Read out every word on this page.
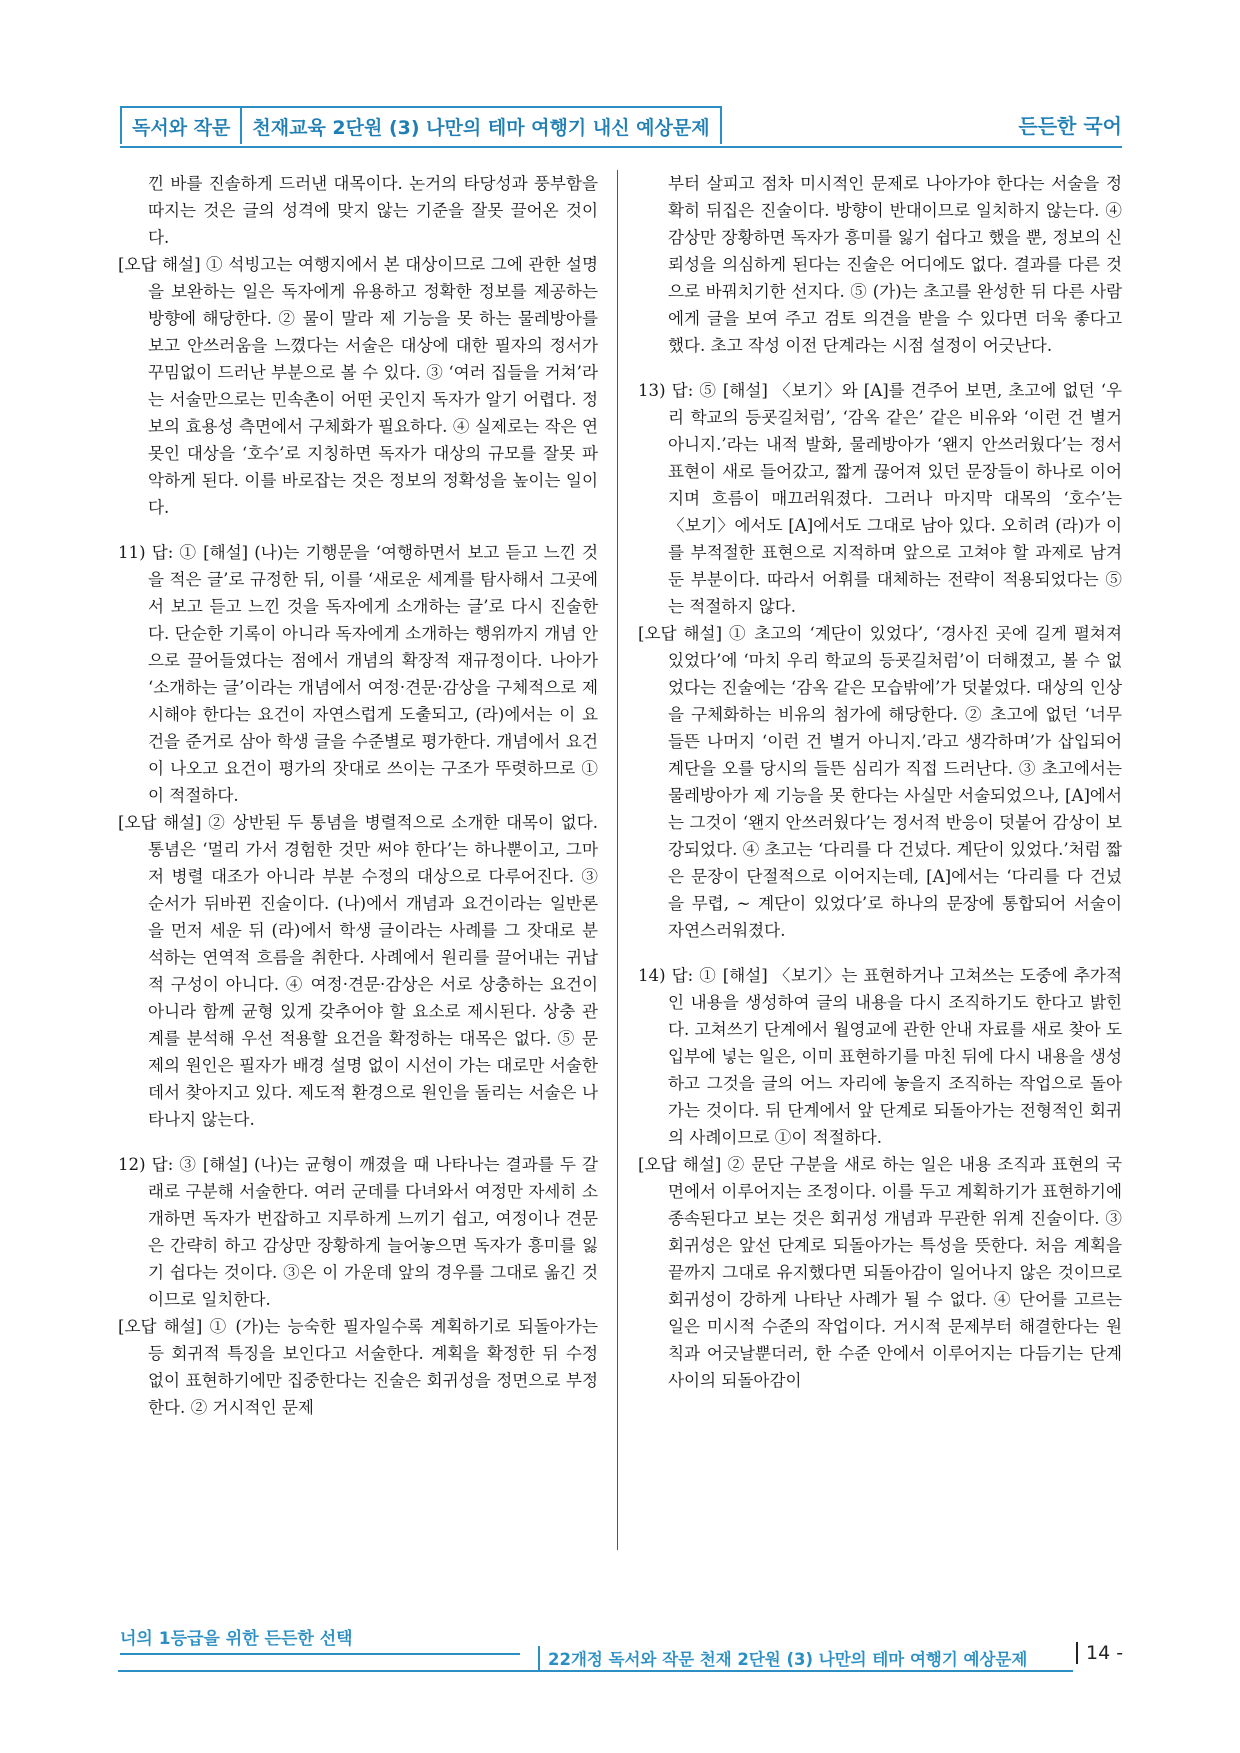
독서와 작문	천재교육 2단원 (3) 나만의 테마 여행기 내신 예상문제	든든한 국어

낀 바를 진솔하게 드러낸 대목이다. 논거의 타당성과 풍부함을 따지는 것은 글의 성격에 맞지 않는 기준을 잘못 끌어온 것이다.

[오답 해설] ① 석빙고는 여행지에서 본 대상이므로 그에 관한 설명을 보완하는 일은 독자에게 유용하고 정확한 정보를 제공하는 방향에 해당한다. ② 물이 말라 제 기능을 못 하는 물레방아를 보고 안쓰러움을 느꼈다는 서술은 대상에 대한 필자의 정서가 꾸밈없이 드러난 부분으로 볼 수 있다. ③ ‘여러 집들을 거쳐’라는 서술만으로는 민속촌이 어떤 곳인지 독자가 알기 어렵다. 정보의 효용성 측면에서 구체화가 필요하다. ④ 실제로는 작은 연못인 대상을 ‘호수’로 지칭하면 독자가 대상의 규모를 잘못 파악하게 된다. 이를 바로잡는 것은 정보의 정확성을 높이는 일이다.

11) 답: ① [해설] (나)는 기행문을 ‘여행하면서 보고 듣고 느낀 것을 적은 글’로 규정한 뒤, 이를 ‘새로운 세계를 탐사해서 그곳에서 보고 듣고 느낀 것을 독자에게 소개하는 글’로 다시 진술한다. 단순한 기록이 아니라 독자에게 소개하는 행위까지 개념 안으로 끌어들였다는 점에서 개념의 확장적 재규정이다. 나아가 ‘소개하는 글’이라는 개념에서 여정·견문·감상을 구체적으로 제시해야 한다는 요건이 자연스럽게 도출되고, (라)에서는 이 요건을 준거로 삼아 학생 글을 수준별로 평가한다. 개념에서 요건이 나오고 요건이 평가의 잣대로 쓰이는 구조가 뚜렷하므로 ①이 적절하다.

[오답 해설] ② 상반된 두 통념을 병렬적으로 소개한 대목이 없다. 통념은 ‘멀리 가서 경험한 것만 써야 한다’는 하나뿐이고, 그마저 병렬 대조가 아니라 부분 수정의 대상으로 다루어진다. ③ 순서가 뒤바뀐 진술이다. (나)에서 개념과 요건이라는 일반론을 먼저 세운 뒤 (라)에서 학생 글이라는 사례를 그 잣대로 분석하는 연역적 흐름을 취한다. 사례에서 원리를 끌어내는 귀납적 구성이 아니다. ④ 여정·견문·감상은 서로 상충하는 요건이 아니라 함께 균형 있게 갖추어야 할 요소로 제시된다. 상충 관계를 분석해 우선 적용할 요건을 확정하는 대목은 없다. ⑤ 문제의 원인은 필자가 배경 설명 없이 시선이 가는 대로만 서술한 데서 찾아지고 있다. 제도적 환경으로 원인을 돌리는 서술은 나타나지 않는다.

12) 답: ③ [해설] (나)는 균형이 깨졌을 때 나타나는 결과를 두 갈래로 구분해 서술한다. 여러 군데를 다녀와서 여정만 자세히 소개하면 독자가 번잡하고 지루하게 느끼기 쉽고, 여정이나 견문은 간략히 하고 감상만 장황하게 늘어놓으면 독자가 흥미를 잃기 쉽다는 것이다. ③은 이 가운데 앞의 경우를 그대로 옮긴 것이므로 일치한다.

[오답 해설] ① (가)는 능숙한 필자일수록 계획하기로 되돌아가는 등 회귀적 특징을 보인다고 서술한다. 계획을 확정한 뒤 수정 없이 표현하기에만 집중한다는 진술은 회귀성을 정면으로 부정한다. ② 거시적인 문제

부터 살피고 점차 미시적인 문제로 나아가야 한다는 서술을 정확히 뒤집은 진술이다. 방향이 반대이므로 일치하지 않는다. ④ 감상만 장황하면 독자가 흥미를 잃기 쉽다고 했을 뿐, 정보의 신뢰성을 의심하게 된다는 진술은 어디에도 없다. 결과를 다른 것으로 바꿔치기한 선지다. ⑤ (가)는 초고를 완성한 뒤 다른 사람에게 글을 보여 주고 검토 의견을 받을 수 있다면 더욱 좋다고 했다. 초고 작성 이전 단계라는 시점 설정이 어긋난다.

13) 답: ⑤ [해설] 〈보기〉와 [A]를 견주어 보면, 초고에 없던 ‘우리 학교의 등굣길처럼’, ‘감옥 같은’ 같은 비유와 ‘이런 건 별거 아니지.’라는 내적 발화, 물레방아가 ‘왠지 안쓰러웠다’는 정서 표현이 새로 들어갔고, 짧게 끊어져 있던 문장들이 하나로 이어지며 흐름이 매끄러워졌다. 그러나 마지막 대목의 ‘호수’는 〈보기〉에서도 [A]에서도 그대로 남아 있다. 오히려 (라)가 이를 부적절한 표현으로 지적하며 앞으로 고쳐야 할 과제로 남겨 둔 부분이다. 따라서 어휘를 대체하는 전략이 적용되었다는 ⑤는 적절하지 않다.

[오답 해설] ① 초고의 ‘계단이 있었다’, ‘경사진 곳에 길게 펼쳐져 있었다’에 ‘마치 우리 학교의 등굣길처럼’이 더해졌고, 볼 수 없었다는 진술에는 ‘감옥 같은 모습밖에’가 덧붙었다. 대상의 인상을 구체화하는 비유의 첨가에 해당한다. ② 초고에 없던 ‘너무 들뜬 나머지 ‘이런 건 별거 아니지.’라고 생각하며’가 삽입되어 계단을 오를 당시의 들뜬 심리가 직접 드러난다. ③ 초고에서는 물레방아가 제 기능을 못 한다는 사실만 서술되었으나, [A]에서는 그것이 ‘왠지 안쓰러웠다’는 정서적 반응이 덧붙어 감상이 보강되었다. ④ 초고는 ‘다리를 다 건넜다. 계단이 있었다.’처럼 짧은 문장이 단절적으로 이어지는데, [A]에서는 ‘다리를 다 건넜을 무렵, ~ 계단이 있었다’로 하나의 문장에 통합되어 서술이 자연스러워졌다.

14) 답: ① [해설] 〈보기〉는 표현하거나 고쳐쓰는 도중에 추가적인 내용을 생성하여 글의 내용을 다시 조직하기도 한다고 밝힌다. 고쳐쓰기 단계에서 월영교에 관한 안내 자료를 새로 찾아 도입부에 넣는 일은, 이미 표현하기를 마친 뒤에 다시 내용을 생성하고 그것을 글의 어느 자리에 놓을지 조직하는 작업으로 돌아가는 것이다. 뒤 단계에서 앞 단계로 되돌아가는 전형적인 회귀의 사례이므로 ①이 적절하다.

[오답 해설] ② 문단 구분을 새로 하는 일은 내용 조직과 표현의 국면에서 이루어지는 조정이다. 이를 두고 계획하기가 표현하기에 종속된다고 보는 것은 회귀성 개념과 무관한 위계 진술이다. ③ 회귀성은 앞선 단계로 되돌아가는 특성을 뜻한다. 처음 계획을 끝까지 그대로 유지했다면 되돌아감이 일어나지 않은 것이므로 회귀성이 강하게 나타난 사례가 될 수 없다. ④ 단어를 고르는 일은 미시적 수준의 작업이다. 거시적 문제부터 해결한다는 원칙과 어긋날뿐더러, 한 수준 안에서 이루어지는 다듬기는 단계 사이의 되돌아감이

너의 1등급을 위한 든든한 선택
22개정 독서와 작문 천재 2단원 (3) 나만의 테마 여행기 예상문제	14 -
